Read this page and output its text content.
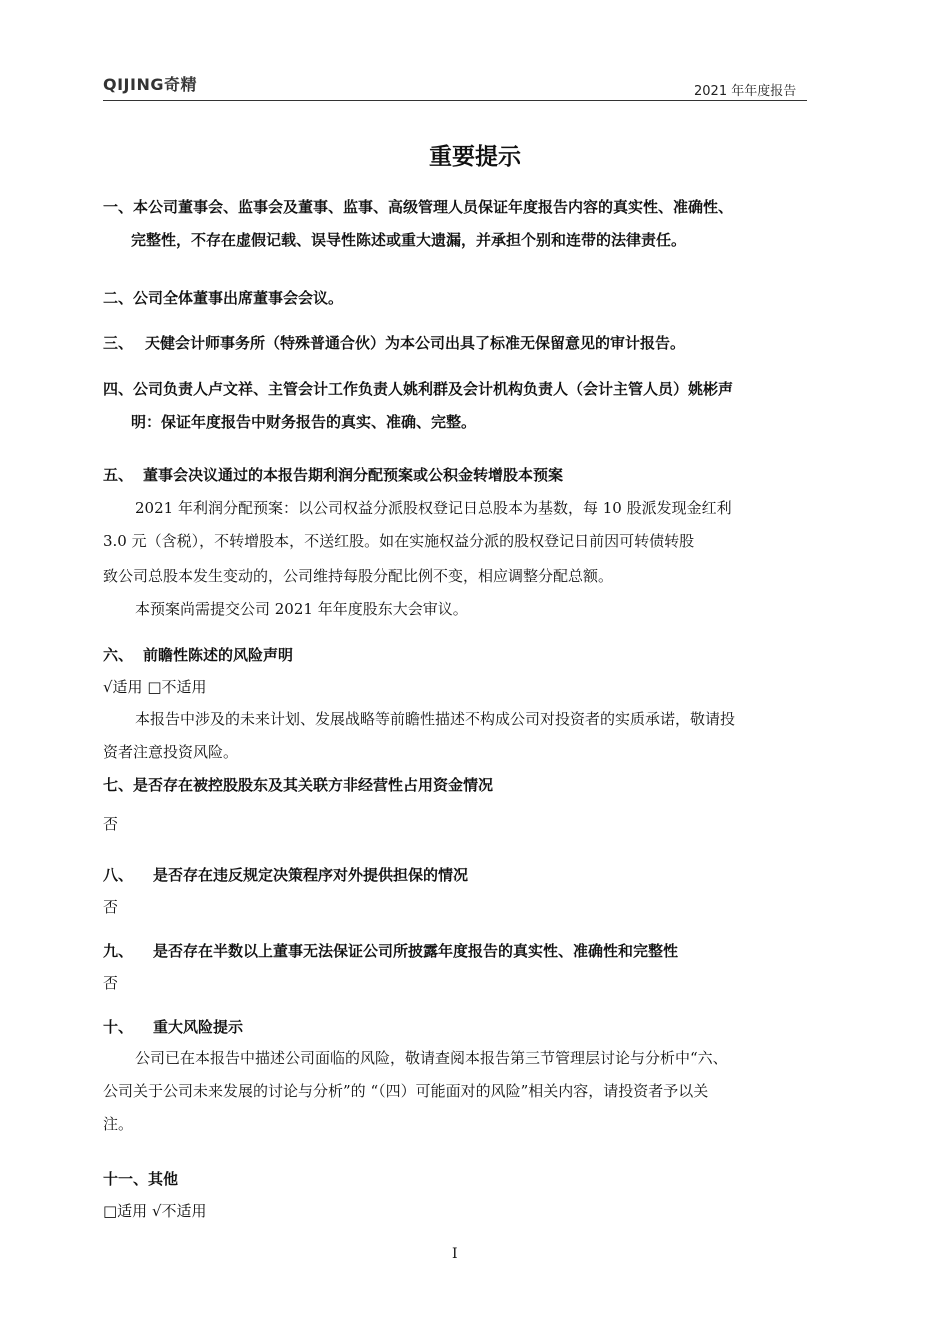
QIJING奇精	2021 年年度报告
重要提示
一、本公司董事会、监事会及董事、监事、高级管理人员保证年度报告内容的真实性、准确性、
完整性，不存在虚假记载、误导性陈述或重大遗漏，并承担个别和连带的法律责任。
二、公司全体董事出席董事会会议。
三、 天健会计师事务所（特殊普通合伙）为本公司出具了标准无保留意见的审计报告。
四、公司负责人卢文祥、主管会计工作负责人姚利群及会计机构负责人（会计主管人员）姚彬声
明：保证年度报告中财务报告的真实、准确、完整。
五、 董事会决议通过的本报告期利润分配预案或公积金转增股本预案
2021 年利润分配预案：以公司权益分派股权登记日总股本为基数，每 10 股派发现金红利
3.0 元（含税），不转增股本，不送红股。如在实施权益分派的股权登记日前因可转债转股
致公司总股本发生变动的，公司维持每股分配比例不变，相应调整分配总额。
本预案尚需提交公司 2021 年年度股东大会审议。
六、 前瞻性陈述的风险声明
√适用 □不适用
本报告中涉及的未来计划、发展战略等前瞻性描述不构成公司对投资者的实质承诺，敬请投
资者注意投资风险。
七、是否存在被控股股东及其关联方非经营性占用资金情况
否
八、 是否存在违反规定决策程序对外提供担保的情况
否
九、 是否存在半数以上董事无法保证公司所披露年度报告的真实性、准确性和完整性
否
十、 重大风险提示
公司已在本报告中描述公司面临的风险，敬请查阅本报告第三节管理层讨论与分析中“六、
公司关于公司未来发展的讨论与分析”的 “（四）可能面对的风险”相关内容，请投资者予以关
注。
十一、其他
□适用 √不适用
I
